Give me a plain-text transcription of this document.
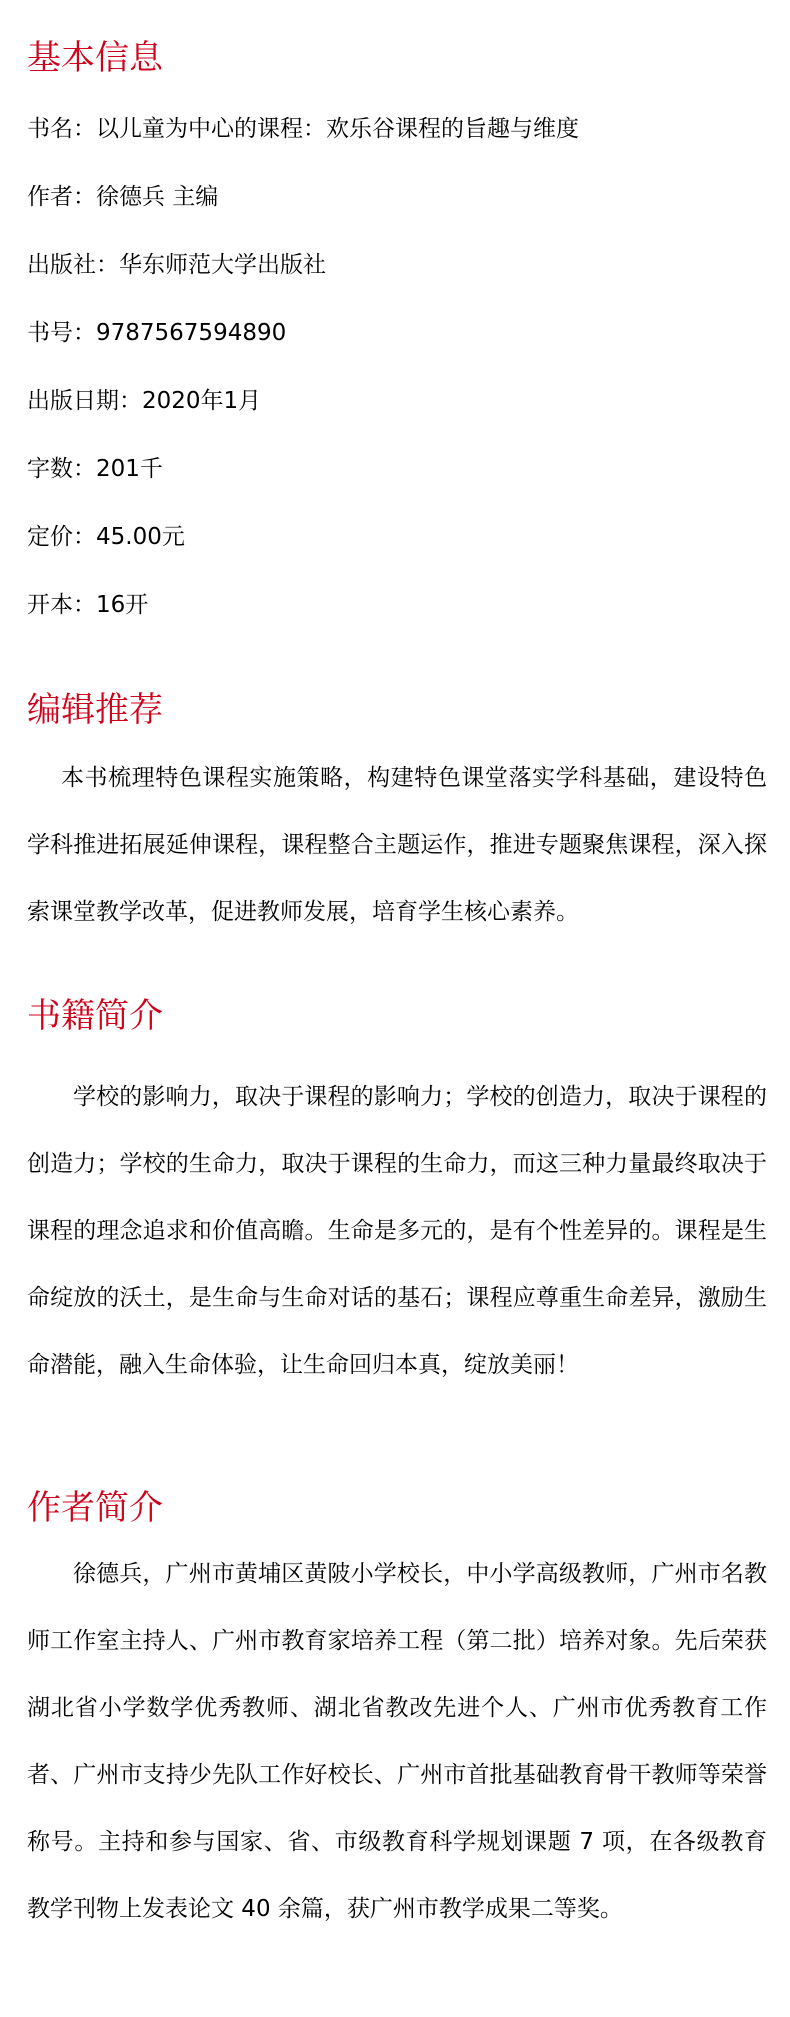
基本信息

书名：以儿童为中心的课程：欢乐谷课程的旨趣与维度

作者：徐德兵 主编

出版社：华东师范大学出版社

书号：9787567594890

出版日期：2020年1月

字数：201千

定价：45.00元

开本：16开

编辑推荐

本书梳理特色课程实施策略，构建特色课堂落实学科基础，建设特色学科推进拓展延伸课程，课程整合主题运作，推进专题聚焦课程，深入探索课堂教学改革，促进教师发展，培育学生核心素养。

书籍简介

学校的影响力，取决于课程的影响力；学校的创造力，取决于课程的创造力；学校的生命力，取决于课程的生命力，而这三种力量最终取决于课程的理念追求和价值高瞻。生命是多元的，是有个性差异的。课程是生命绽放的沃土，是生命与生命对话的基石；课程应尊重生命差异，激励生命潜能，融入生命体验，让生命回归本真，绽放美丽！

作者简介

徐德兵，广州市黄埔区黄陂小学校长，中小学高级教师，广州市名教师工作室主持人、广州市教育家培养工程（第二批）培养对象。先后荣获湖北省小学数学优秀教师、湖北省教改先进个人、广州市优秀教育工作者、广州市支持少先队工作好校长、广州市首批基础教育骨干教师等荣誉称号。主持和参与国家、省、市级教育科学规划课题 7 项，在各级教育教学刊物上发表论文 40 余篇，获广州市教学成果二等奖。
